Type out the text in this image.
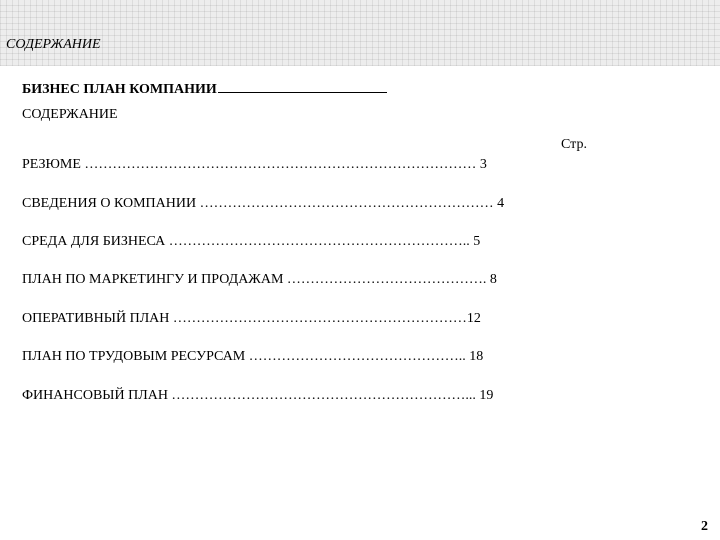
СОДЕРЖАНИЕ
БИЗНЕС ПЛАН КОМПАНИИ
СОДЕРЖАНИЕ
Стр.
РЕЗЮМЕ ………………………………………………………………………… 3
СВЕДЕНИЯ О КОМПАНИИ ……………………………………………………… 4
СРЕДА ДЛЯ БИЗНЕСА ……………………………………………………….. 5
ПЛАН ПО МАРКЕТИНГУ И ПРОДАЖАМ ……………………………………. 8
ОПЕРАТИВНЫЙ ПЛАН ………………………………………………………12
ПЛАН ПО ТРУДОВЫМ РЕСУРСАМ ……………………………………….. 18
ФИНАНСОВЫЙ ПЛАН ………………………………………………………... 19
2
